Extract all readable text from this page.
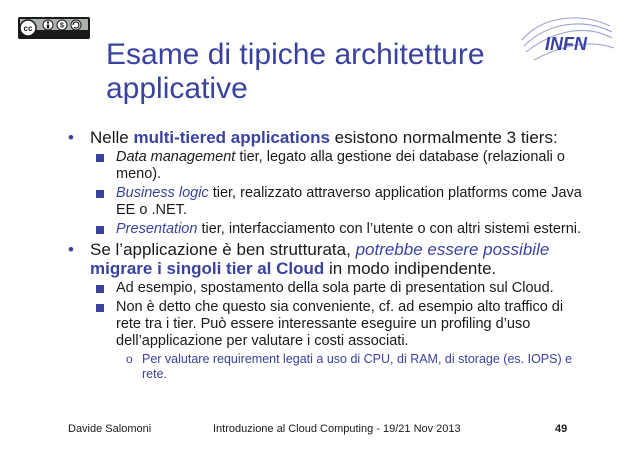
cc	$
INFN
Esame di tipiche architetture
applicative
• Nelle multi-tiered applications esistono normalmente 3 tiers:
Data management tier, legato alla gestione dei database (relazionali o meno).
Business logic tier, realizzato attraverso application platforms come Java EE o .NET.
Presentation tier, interfacciamento con l’utente o con altri sistemi esterni.
• Se l’applicazione è ben strutturata, potrebbe essere possibile migrare i singoli tier al Cloud in modo indipendente.
Ad esempio, spostamento della sola parte di presentation sul Cloud.
Non è detto che questo sia conveniente, cf. ad esempio alto traffico di rete tra i tier. Può essere interessante eseguire un profiling d’uso dell’applicazione per valutare i costi associati.
o Per valutare requirement legati a uso di CPU, di RAM, di storage (es. IOPS) e rete.
Davide Salomoni	Introduzione al Cloud Computing - 19/21 Nov 2013	49
